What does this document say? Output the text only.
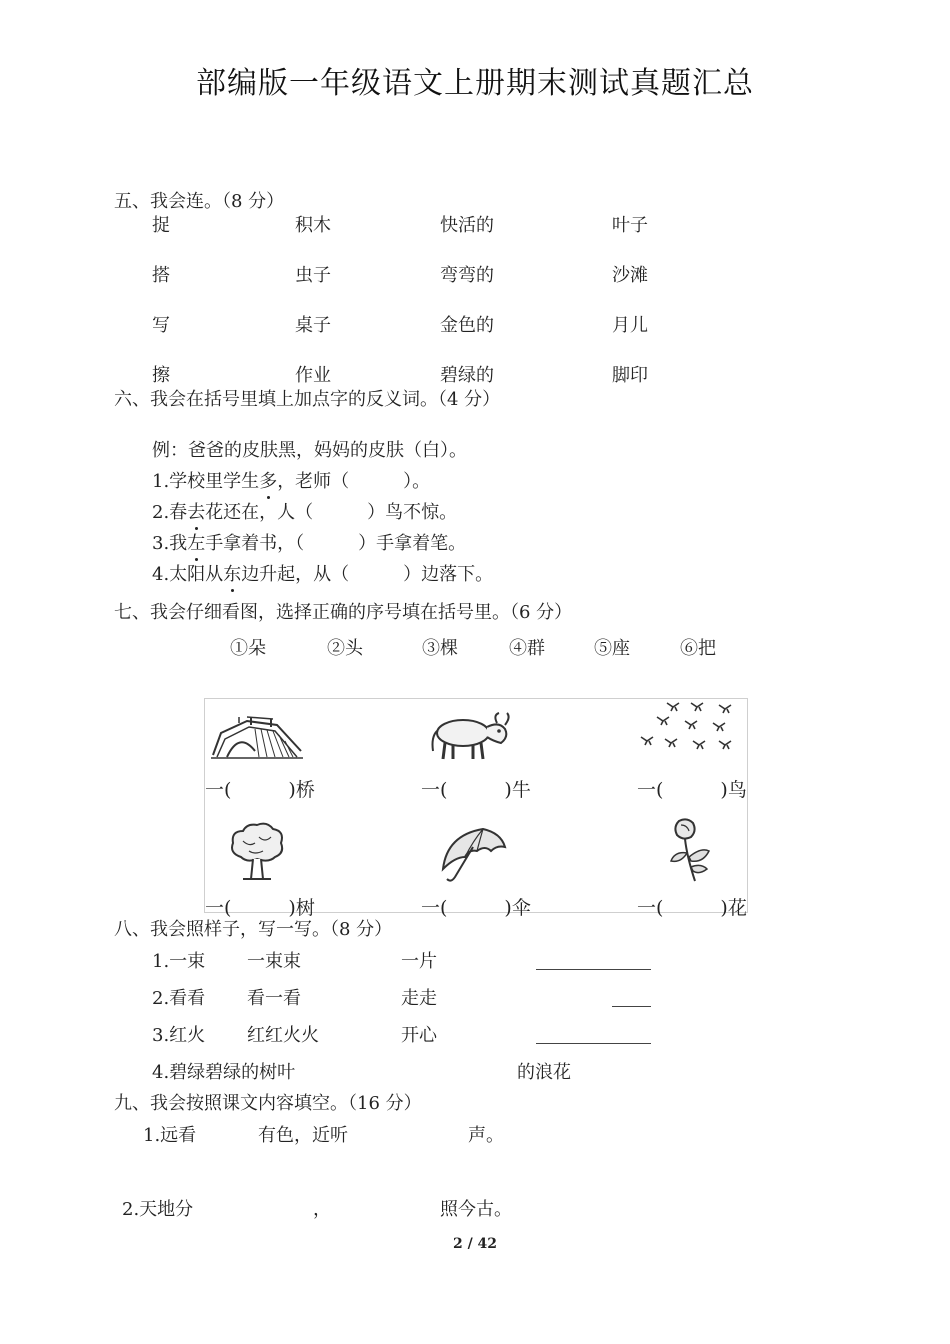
部编版一年级语文上册期末测试真题汇总
五、我会连。（8 分）
捉	积木	快活的	叶子
搭	虫子	弯弯的	沙滩
写	桌子	金色的	月儿
擦	作业	碧绿的	脚印
六、我会在括号里填上加点字的反义词。（4 分）
例：爸爸的皮肤黑，妈妈的皮肤（白）。
1.学校里学生多，老师（　　　）。
2.春去花还在，人（　　　）鸟不惊。
3.我左手拿着书，（　　　）手拿着笔。
4.太阳从东边升起，从（　　　）边落下。
七、我会仔细看图，选择正确的序号填在括号里。（6 分）
①朵	②头	③棵	④群	⑤座	⑥把
一(　　　)桥	一(　　　)牛	一(　　　)鸟
一(　　　)树	一(　　　)伞	一(　　　)花
八、我会照样子，写一写。（8 分）
1.一束 一束束	一片
2.看看 看一看	走走
3.红火 红红火火	开心
4.碧绿碧绿的树叶	的浪花
九、我会按照课文内容填空。（16 分）
1.远看	有色，近听	声。
2.天地分	，	照今古。
2 / 42
